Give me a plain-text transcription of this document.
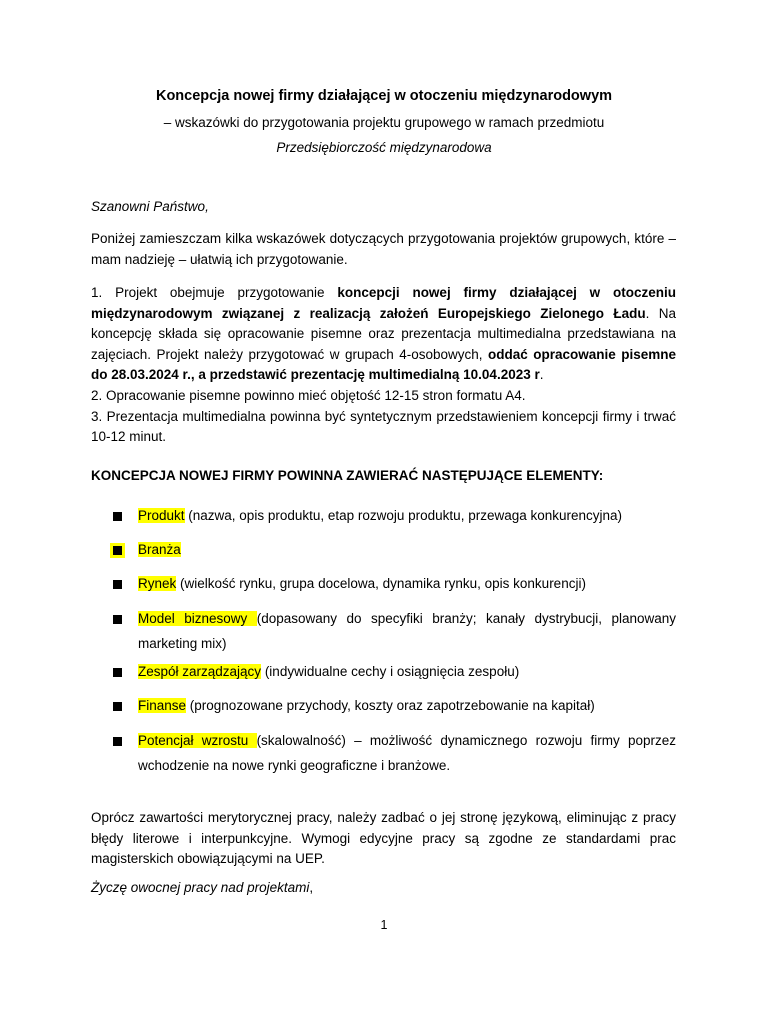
Koncepcja nowej firmy działającej w otoczeniu międzynarodowym
– wskazówki do przygotowania projektu grupowego w ramach przedmiotu
Przedsiębiorczość międzynarodowa
Szanowni Państwo,
Poniżej zamieszczam kilka wskazówek dotyczących przygotowania projektów grupowych, które – mam nadzieję – ułatwią ich przygotowanie.
1. Projekt obejmuje przygotowanie koncepcji nowej firmy działającej w otoczeniu międzynarodowym związanej z realizacją założeń Europejskiego Zielonego Ładu. Na koncepcję składa się opracowanie pisemne oraz prezentacja multimedialna przedstawiana na zajęciach. Projekt należy przygotować w grupach 4-osobowych, oddać opracowanie pisemne do 28.03.2024 r., a przedstawić prezentację multimedialną 10.04.2023 r.
2. Opracowanie pisemne powinno mieć objętość 12-15 stron formatu A4.
3. Prezentacja multimedialna powinna być syntetycznym przedstawieniem koncepcji firmy i trwać 10-12 minut.
KONCEPCJA NOWEJ FIRMY POWINNA ZAWIERAĆ NASTĘPUJĄCE ELEMENTY:
Produkt (nazwa, opis produktu, etap rozwoju produktu, przewaga konkurencyjna)
Branża
Rynek (wielkość rynku, grupa docelowa, dynamika rynku, opis konkurencji)
Model biznesowy (dopasowany do specyfiki branży; kanały dystrybucji, planowany marketing mix)
Zespół zarządzający (indywidualne cechy i osiągnięcia zespołu)
Finanse (prognozowane przychody, koszty oraz zapotrzebowanie na kapitał)
Potencjał wzrostu (skalowalność) – możliwość dynamicznego rozwoju firmy poprzez wchodzenie na nowe rynki geograficzne i branżowe.
Oprócz zawartości merytorycznej pracy, należy zadbać o jej stronę językową, eliminując z pracy błędy literowe i interpunkcyjne. Wymogi edycyjne pracy są zgodne ze standardami prac magisterskich obowiązującymi na UEP.
Życzę owocnej pracy nad projektami,
1
